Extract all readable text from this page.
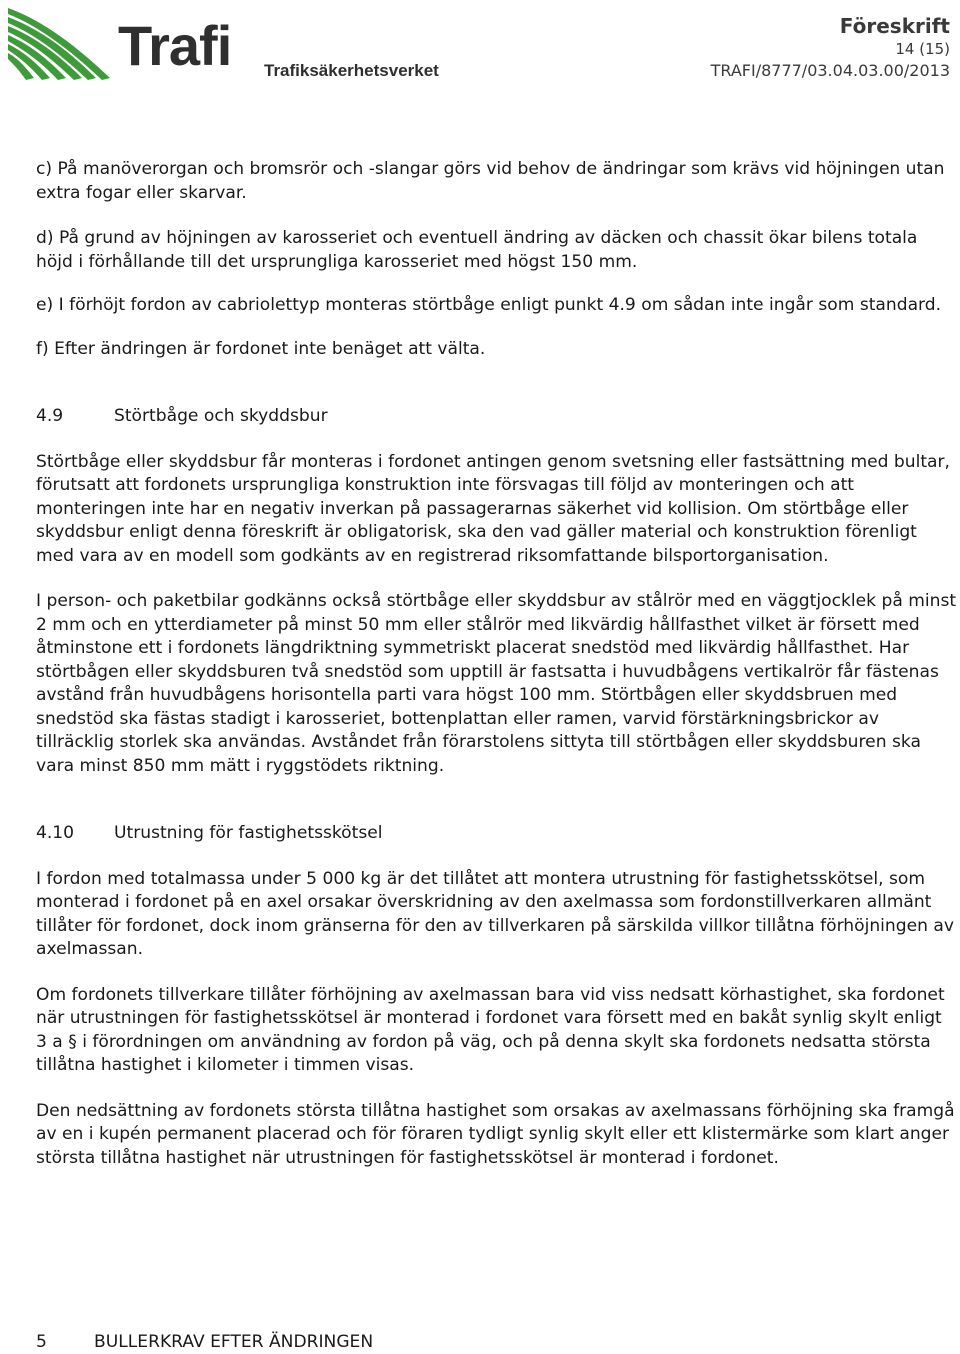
Trafi Trafiksäkerhetsverket
Föreskrift
14 (15)
TRAFI/8777/03.04.03.00/2013

c) På manöverorgan och bromsrör och -slangar görs vid behov de ändringar som krävs vid höjningen utan extra fogar eller skarvar.

d) På grund av höjningen av karosseriet och eventuell ändring av däcken och chassit ökar bilens totala höjd i förhållande till det ursprungliga karosseriet med högst 150 mm.

e) I förhöjt fordon av cabriolettyp monteras störtbåge enligt punkt 4.9 om sådan inte ingår som standard.

f) Efter ändringen är fordonet inte benäget att välta.

4.9	Störtbåge och skyddsbur

Störtbåge eller skyddsbur får monteras i fordonet antingen genom svetsning eller fastsättning med bultar, förutsatt att fordonets ursprungliga konstruktion inte försvagas till följd av monteringen och att monteringen inte har en negativ inverkan på passagerarnas säkerhet vid kollision. Om störtbåge eller skyddsbur enligt denna föreskrift är obligatorisk, ska den vad gäller material och konstruktion förenligt med vara av en modell som godkänts av en registrerad riksomfattande bilsportorganisation.

I person- och paketbilar godkänns också störtbåge eller skyddsbur av stålrör med en väggtjocklek på minst 2 mm och en ytterdiameter på minst 50 mm eller stålrör med likvärdig hållfasthet vilket är försett med åtminstone ett i fordonets längdriktning symmetriskt placerat snedstöd med likvärdig hållfasthet. Har störtbågen eller skyddsburen två snedstöd som upptill är fastsatta i huvudbågens vertikalrör får fästenas avstånd från huvudbågens horisontella parti vara högst 100 mm. Störtbågen eller skyddsbruen med snedstöd ska fästas stadigt i karosseriet, bottenplattan eller ramen, varvid förstärkningsbrickor av tillräcklig storlek ska användas. Avståndet från förarstolens sittyta till störtbågen eller skyddsburen ska vara minst 850 mm mätt i ryggstödets riktning.

4.10	Utrustning för fastighetsskötsel

I fordon med totalmassa under 5 000 kg är det tillåtet att montera utrustning för fastighetsskötsel, som monterad i fordonet på en axel orsakar överskridning av den axelmassa som fordonstillverkaren allmänt tillåter för fordonet, dock inom gränserna för den av tillverkaren på särskilda villkor tillåtna förhöjningen av axelmassan.

Om fordonets tillverkare tillåter förhöjning av axelmassan bara vid viss nedsatt körhastighet, ska fordonet när utrustningen för fastighetsskötsel är monterad i fordonet vara försett med en bakåt synlig skylt enligt 3 a § i förordningen om användning av fordon på väg, och på denna skylt ska fordonets nedsatta största tillåtna hastighet i kilometer i timmen visas.

Den nedsättning av fordonets största tillåtna hastighet som orsakas av axelmassans förhöjning ska framgå av en i kupén permanent placerad och för föraren tydligt synlig skylt eller ett klistermärke som klart anger största tillåtna hastighet när utrustningen för fastighetsskötsel är monterad i fordonet.

5	BULLERKRAV EFTER ÄNDRINGEN
